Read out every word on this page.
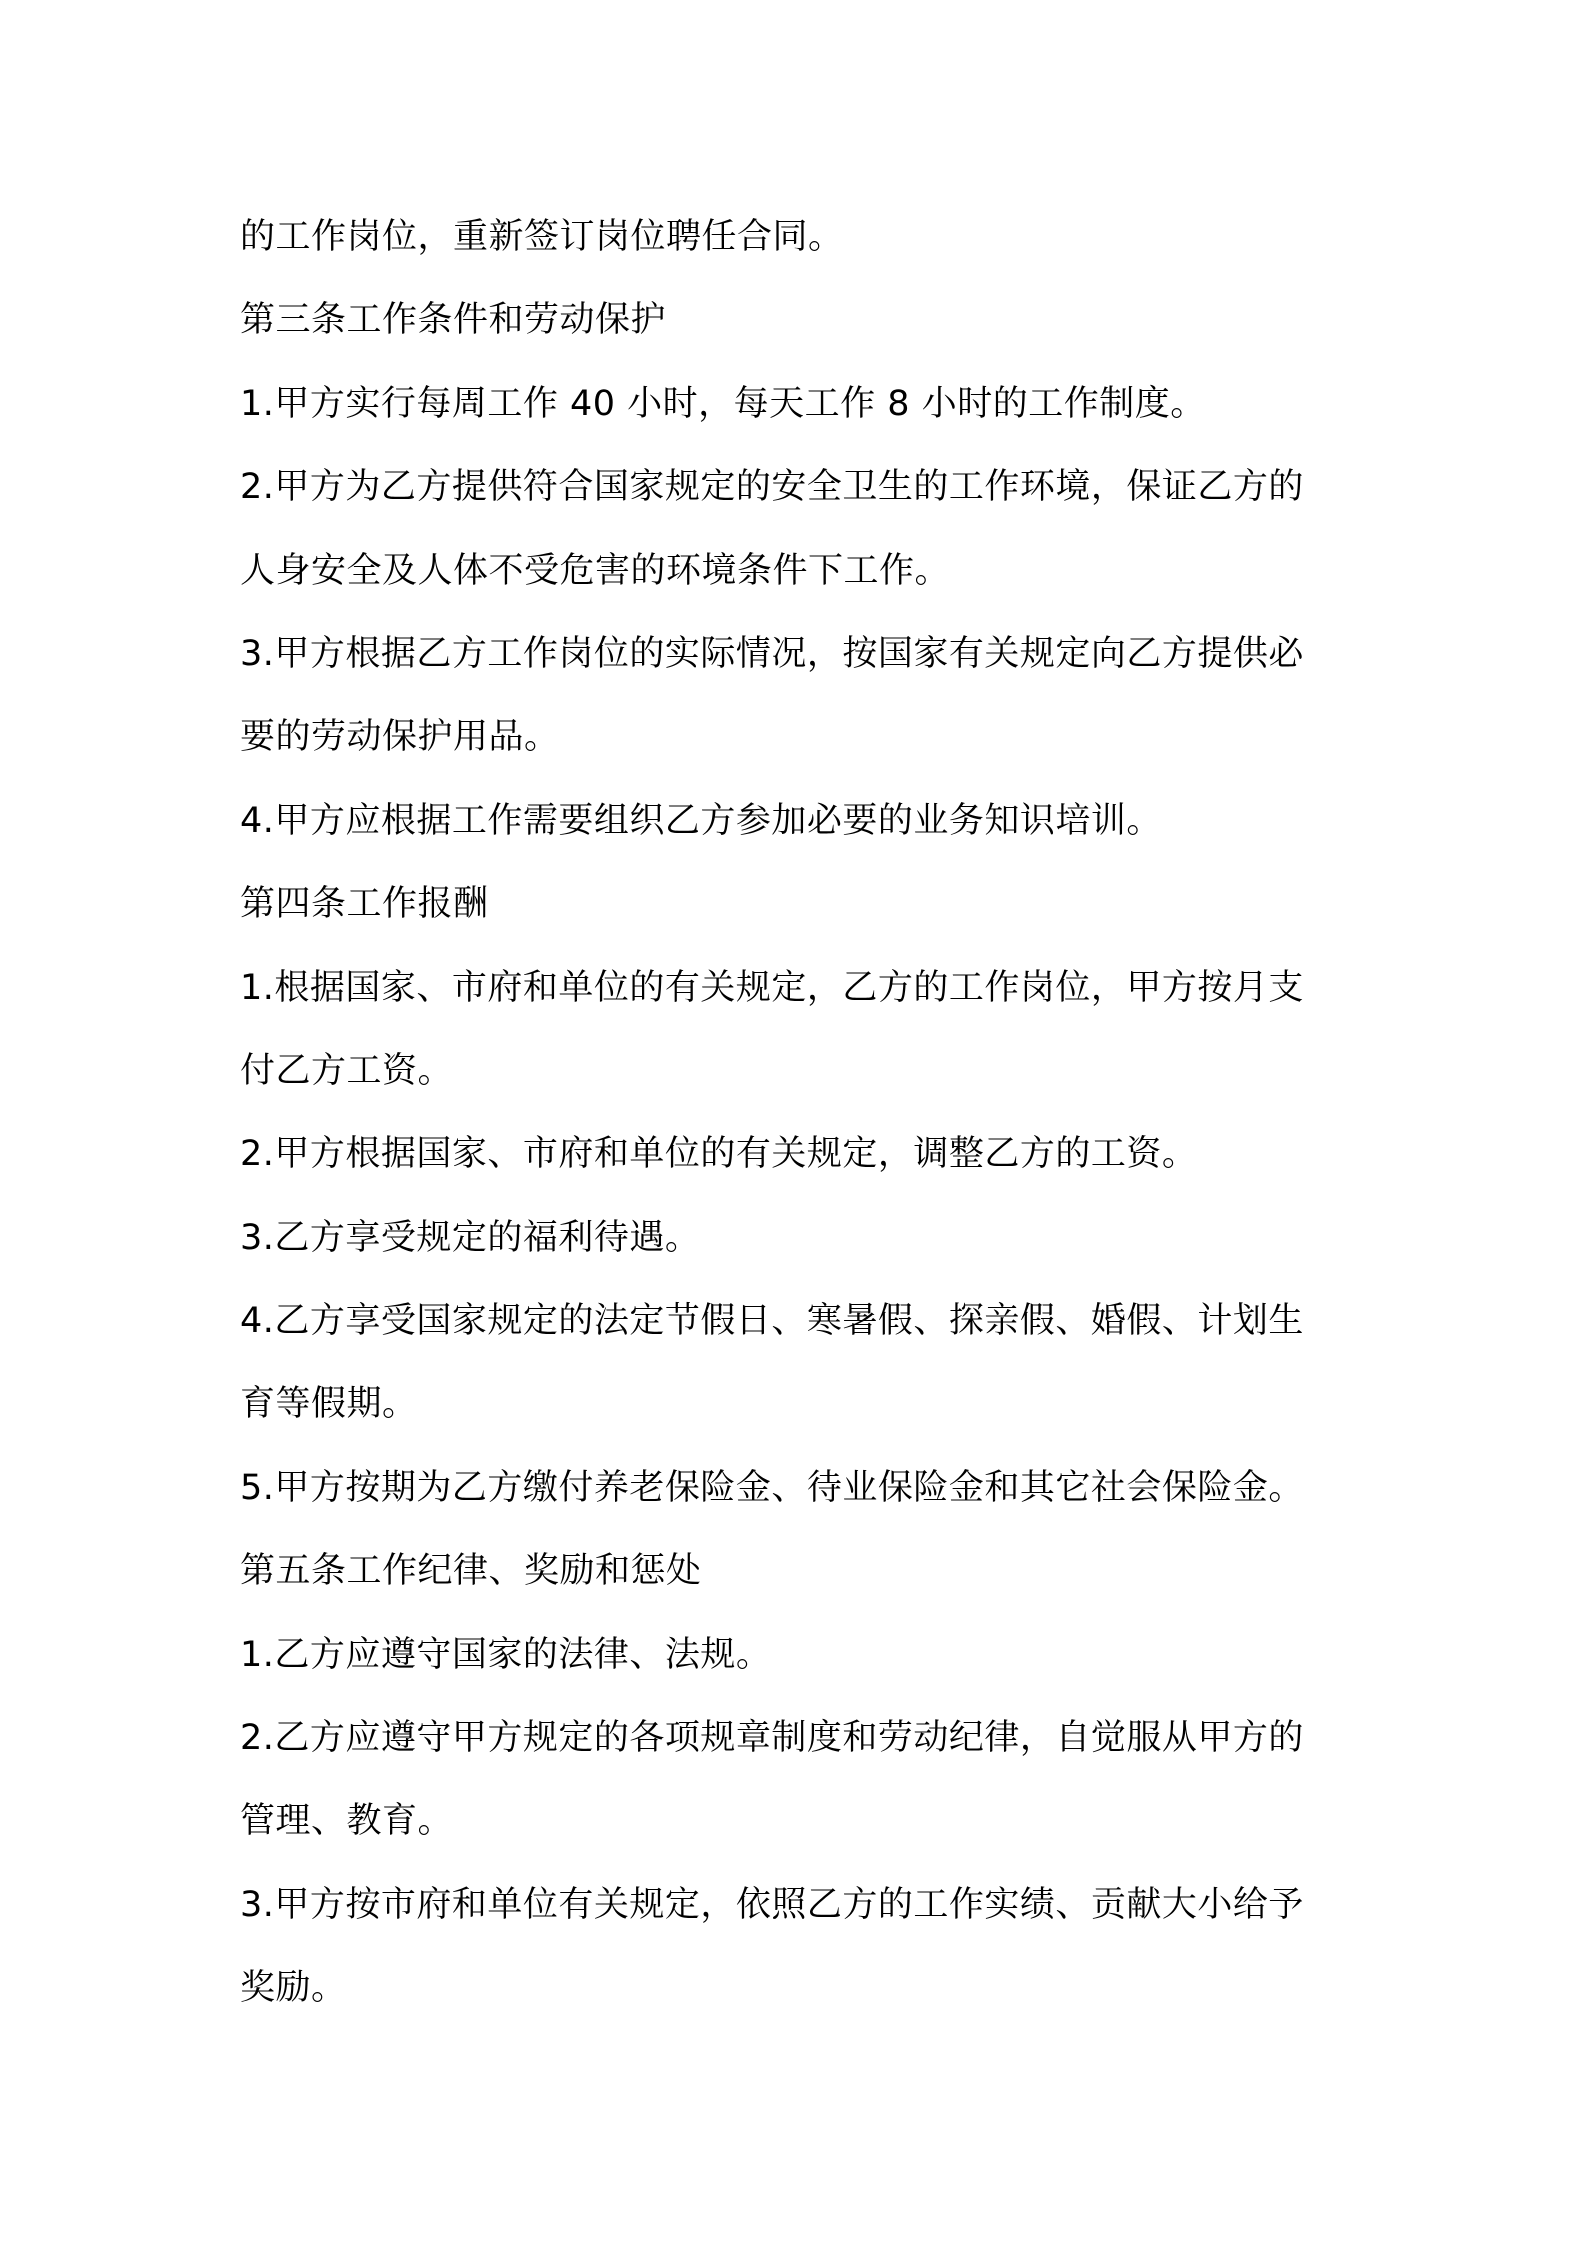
的工作岗位，重新签订岗位聘任合同。
第三条工作条件和劳动保护
1.甲方实行每周工作 40 小时，每天工作 8 小时的工作制度。
2.甲方为乙方提供符合国家规定的安全卫生的工作环境，保证乙方的
人身安全及人体不受危害的环境条件下工作。
3.甲方根据乙方工作岗位的实际情况，按国家有关规定向乙方提供必
要的劳动保护用品。
4.甲方应根据工作需要组织乙方参加必要的业务知识培训。
第四条工作报酬
1.根据国家、市府和单位的有关规定，乙方的工作岗位，甲方按月支
付乙方工资。
2.甲方根据国家、市府和单位的有关规定，调整乙方的工资。
3.乙方享受规定的福利待遇。
4.乙方享受国家规定的法定节假日、寒暑假、探亲假、婚假、计划生
育等假期。
5.甲方按期为乙方缴付养老保险金、待业保险金和其它社会保险金。
第五条工作纪律、奖励和惩处
1.乙方应遵守国家的法律、法规。
2.乙方应遵守甲方规定的各项规章制度和劳动纪律，自觉服从甲方的
管理、教育。
3.甲方按市府和单位有关规定，依照乙方的工作实绩、贡献大小给予
奖励。
